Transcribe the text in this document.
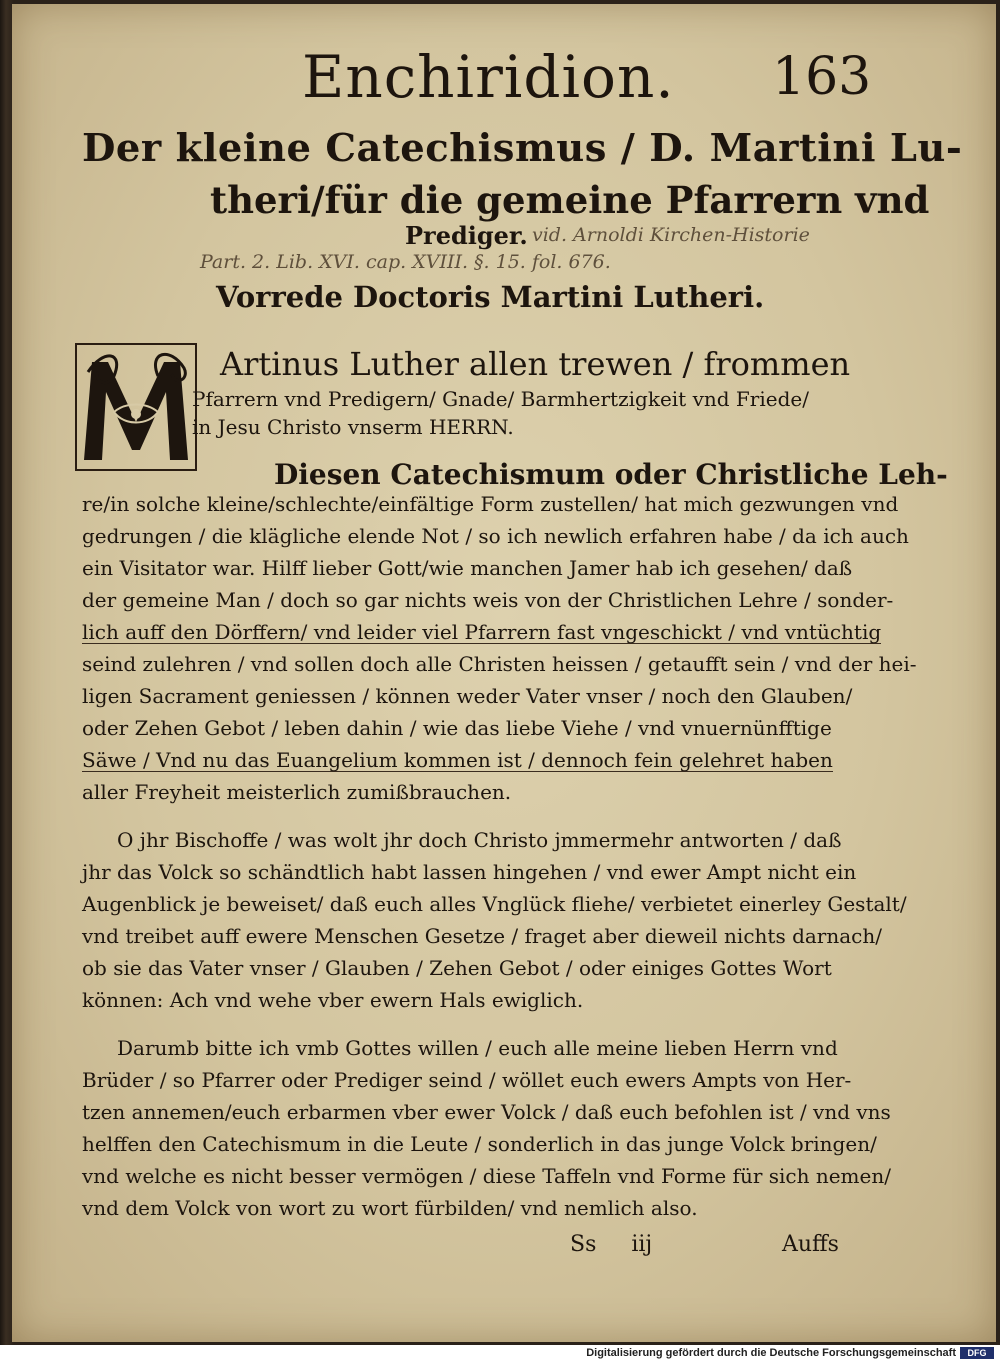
Enchiridion. 163
Der kleine Catechismus / D. Martini Lu-
theri/für die gemeine Pfarrern vnd
Prediger. vid. Arnoldi Kirchen-Historie
Part. 2. Lib. XVI. cap. XVIII. §. 15. fol. 676.
Vorrede Doctoris Martini Lutheri.
Artinus Luther allen trewen / frommen
Pfarrern vnd Predigern/ Gnade/ Barmhertzigkeit vnd Friede/
in Jesu Christo vnserm HERRN.
Diesen Catechismum oder Christliche Leh-
re/in solche kleine/schlechte/einfältige Form zustellen/ hat mich gezwungen vnd
gedrungen / die klägliche elende Not / so ich newlich erfahren habe / da ich auch
ein Visitator war. Hilff lieber Gott/wie manchen Jamer hab ich gesehen/ daß
der gemeine Man / doch so gar nichts weis von der Christlichen Lehre / sonder-
lich auff den Dörffern/ vnd leider viel Pfarrern fast vngeschickt / vnd vntüchtig
seind zulehren / vnd sollen doch alle Christen heissen / getaufft sein / vnd der hei-
ligen Sacrament geniessen / können weder Vater vnser / noch den Glauben/
oder Zehen Gebot / leben dahin / wie das liebe Viehe / vnd vnuernünfftige
Säwe / Vnd nu das Euangelium kommen ist / dennoch fein gelehret haben
aller Freyheit meisterlich zumißbrauchen.
O jhr Bischoffe / was wolt jhr doch Christo jmmermehr antworten / daß
jhr das Volck so schändtlich habt lassen hingehen / vnd ewer Ampt nicht ein
Augenblick je beweiset/ daß euch alles Vnglück fliehe/ verbietet einerley Gestalt/
vnd treibet auff ewere Menschen Gesetze / fraget aber dieweil nichts darnach/
ob sie das Vater vnser / Glauben / Zehen Gebot / oder einiges Gottes Wort
können: Ach vnd wehe vber ewern Hals ewiglich.
Darumb bitte ich vmb Gottes willen / euch alle meine lieben Herrn vnd
Brüder / so Pfarrer oder Prediger seind / wöllet euch ewers Ampts von Her-
tzen annemen/euch erbarmen vber ewer Volck / daß euch befohlen ist / vnd vns
helffen den Catechismum in die Leute / sonderlich in das junge Volck bringen/
vnd welche es nicht besser vermögen / diese Taffeln vnd Forme für sich nemen/
vnd dem Volck von wort zu wort fürbilden/ vnd nemlich also.
Ss iij	Auffs
Digitalisierung gefördert durch die Deutsche Forschungsgemeinschaft	DFG
